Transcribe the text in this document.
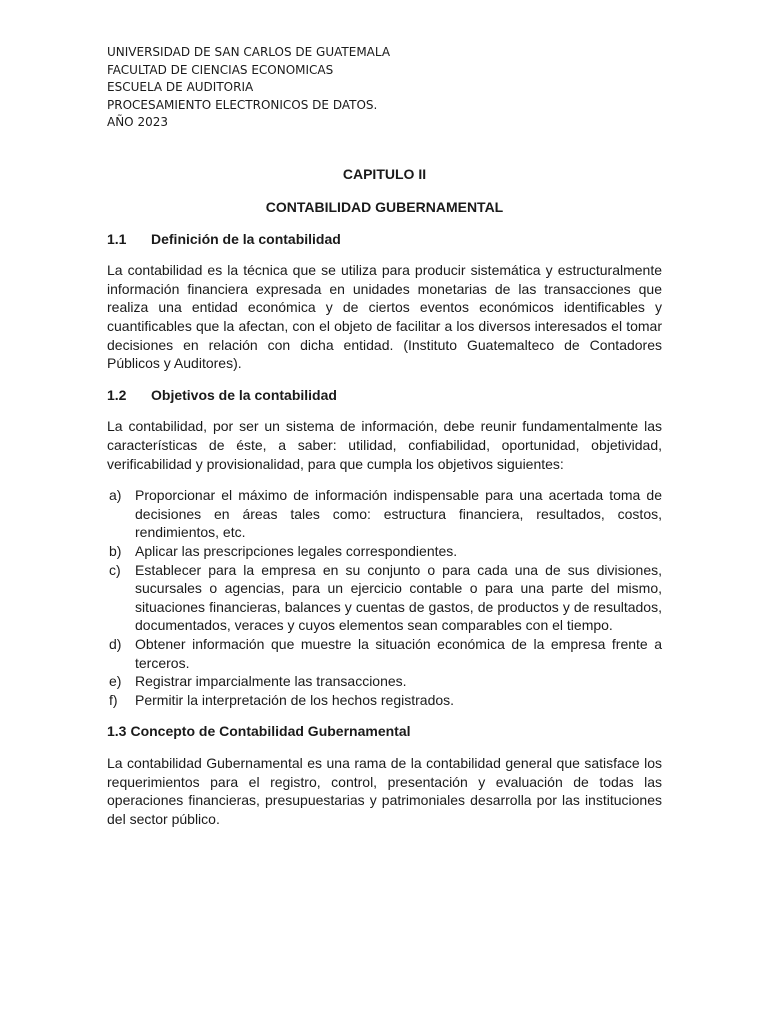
UNIVERSIDAD DE SAN CARLOS DE GUATEMALA
FACULTAD DE CIENCIAS ECONOMICAS
ESCUELA DE AUDITORIA
PROCESAMIENTO ELECTRONICOS DE DATOS.
AÑO 2023
CAPITULO II
CONTABILIDAD GUBERNAMENTAL
1.1	Definición de la contabilidad
La contabilidad es la técnica que se utiliza para producir sistemática y estructuralmente información financiera expresada en unidades monetarias de las transacciones que realiza una entidad económica y de ciertos eventos económicos identificables y cuantificables que la afectan, con el objeto de facilitar a los diversos interesados el tomar decisiones en relación con dicha entidad. (Instituto Guatemalteco de Contadores Públicos y Auditores).
1.2	Objetivos de la contabilidad
La contabilidad, por ser un sistema de información, debe reunir fundamentalmente las características de éste, a saber: utilidad, confiabilidad, oportunidad, objetividad, verificabilidad y provisionalidad, para que cumpla los objetivos siguientes:
a) Proporcionar el máximo de información indispensable para una acertada toma de decisiones en áreas tales como: estructura financiera, resultados, costos, rendimientos, etc.
b) Aplicar las prescripciones legales correspondientes.
c)	Establecer para la empresa en su conjunto o para cada una de sus divisiones, sucursales o agencias, para un ejercicio contable o para una parte del mismo, situaciones financieras, balances y cuentas de gastos, de productos y de resultados, documentados, veraces y cuyos elementos sean comparables con el tiempo.
d) Obtener información que muestre la situación económica de la empresa frente a terceros.
e) Registrar imparcialmente las transacciones.
f)	Permitir la interpretación de los hechos registrados.
1.3 Concepto de Contabilidad Gubernamental
La contabilidad Gubernamental es una rama de la contabilidad general que satisface los requerimientos para el registro, control, presentación y evaluación de todas las operaciones financieras, presupuestarias y patrimoniales desarrolla por las instituciones del sector público.
